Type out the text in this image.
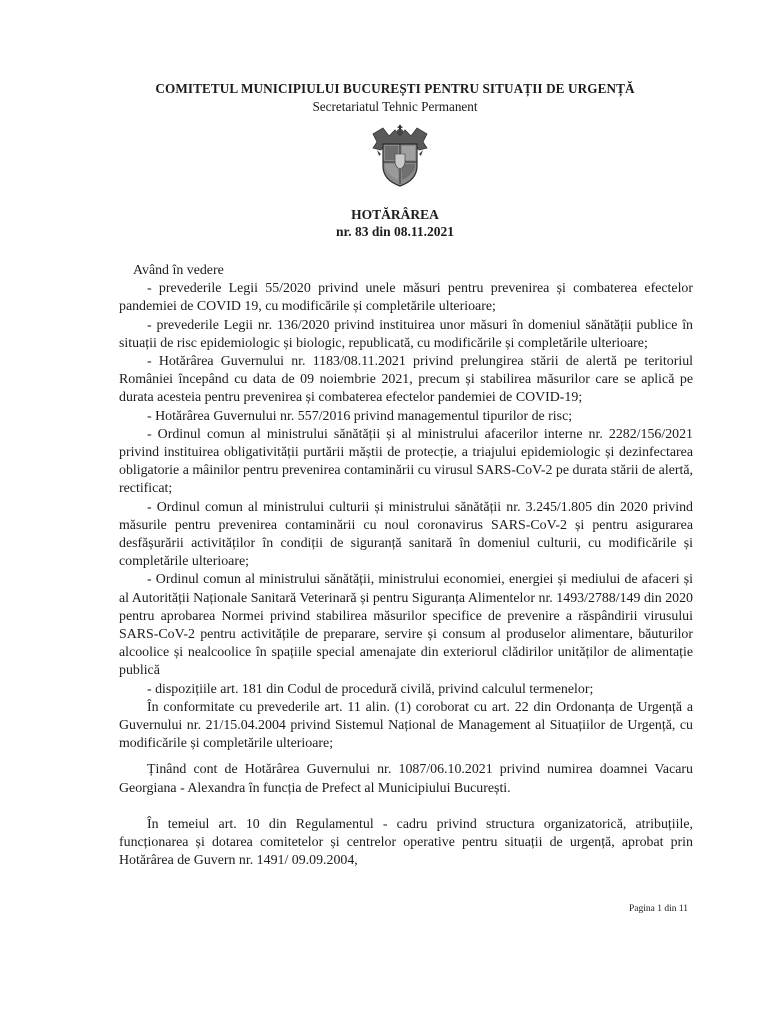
COMITETUL MUNICIPIULUI BUCUREȘTI PENTRU SITUAȚII DE URGENȚĂ
Secretariatul Tehnic Permanent
HOTĂRÂREA
nr. 83 din 08.11.2021

Având în vedere

- prevederile Legii 55/2020 privind unele măsuri pentru prevenirea și combaterea efectelor pandemiei de COVID 19, cu modificările și completările ulterioare;

- prevederile Legii nr. 136/2020 privind instituirea unor măsuri în domeniul sănătății publice în situații de risc epidemiologic și biologic, republicată, cu modificările și completările ulterioare;

- Hotărârea Guvernului nr. 1183/08.11.2021 privind prelungirea stării de alertă pe teritoriul României începând cu data de 09 noiembrie 2021, precum și stabilirea măsurilor care se aplică pe durata acesteia pentru prevenirea și combaterea efectelor pandemiei de COVID-19;

- Hotărârea Guvernului nr. 557/2016 privind managementul tipurilor de risc;

- Ordinul comun al ministrului sănătății și al ministrului afacerilor interne nr. 2282/156/2021 privind instituirea obligativității purtării măștii de protecție, a triajului epidemiologic și dezinfectarea obligatorie a mâinilor pentru prevenirea contaminării cu virusul SARS-CoV-2 pe durata stării de alertă, rectificat;

- Ordinul comun al ministrului culturii și ministrului sănătății nr. 3.245/1.805 din 2020 privind măsurile pentru prevenirea contaminării cu noul coronavirus SARS-CoV-2 și pentru asigurarea desfășurării activităților în condiții de siguranță sanitară în domeniul culturii, cu modificările și completările ulterioare;

- Ordinul comun al ministrului sănătății, ministrului economiei, energiei și mediului de afaceri și al Autorității Naționale Sanitară Veterinară și pentru Siguranța Alimentelor nr. 1493/2788/149 din 2020 pentru aprobarea Normei privind stabilirea măsurilor specifice de prevenire a răspândirii virusului SARS-CoV-2 pentru activitățile de preparare, servire și consum al produselor alimentare, băuturilor alcoolice și nealcoolice în spațiile special amenajate din exteriorul clădirilor unităților de alimentație publică

- dispozițiile art. 181 din Codul de procedură civilă, privind calculul termenelor;

În conformitate cu prevederile art. 11 alin. (1) coroborat cu art. 22 din Ordonanța de Urgență a Guvernului nr. 21/15.04.2004 privind Sistemul Național de Management al Situațiilor de Urgență, cu modificările și completările ulterioare;

Ținând cont de Hotărârea Guvernului nr. 1087/06.10.2021 privind numirea doamnei Vacaru Georgiana - Alexandra în funcția de Prefect al Municipiului București.

În temeiul art. 10 din Regulamentul - cadru privind structura organizatorică, atribuțiile, funcționarea și dotarea comitetelor și centrelor operative pentru situații de urgență, aprobat prin Hotărârea de Guvern nr. 1491/ 09.09.2004,

Pagina 1 din 11
